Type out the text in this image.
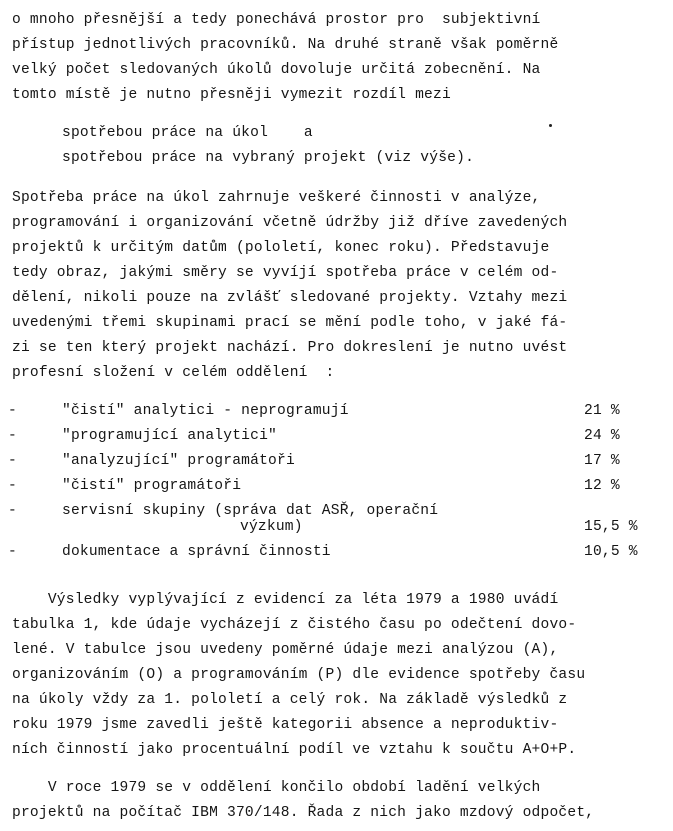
o mnoho přesnější a tedy ponechává prostor pro  subjektivní
přístup jednotlivých pracovníků. Na druhé straně však poměrně
velký počet sledovaných úkolů dovoluje určitá zobecnění. Na
tomto místě je nutno přesněji vymezit rozdíl mezi
spotřebou práce na úkol    a
spotřebou práce na vybraný projekt (viz výše).
Spotřeba práce na úkol zahrnuje veškeré činnosti v analýze,
programování i organizování včetně údržby již dříve zavedených
projektů k určitým datům (pololetí, konec roku). Představuje
tedy obraz, jakými směry se vyvíjí spotřeba práce v celém od-
dělení, nikoli pouze na zvlášť sledované projekty. Vztahy mezi
uvedenými třemi skupinami prací se mění podle toho, v jaké fá-
zi se ten který projekt nachází. Pro dokreslení je nutno uvést
profesní složení v celém oddělení  :
-	"čistí" analytici - neprogramují	21 %
-	"programující analytici"	24 %
-	"analyzující" programátoři	17 %
-	"čistí" programátoři	12 %
-	servisní skupiny (správa dat ASŘ, operační
výzkum)	15,5 %
-	dokumentace a správní činnosti	10,5 %
Výsledky vyplývající z evidencí za léta 1979 a 1980 uvádí
tabulka 1, kde údaje vycházejí z čistého času po odečtení dovo-
lené. V tabulce jsou uvedeny poměrné údaje mezi analýzou (A),
organizováním (O) a programováním (P) dle evidence spotřeby času
na úkoly vždy za 1. pololetí a celý rok. Na základě výsledků z
roku 1979 jsme zavedli ještě kategorii absence a neproduktiv-
ních činností jako procentuální podíl ve vztahu k součtu A+O+P.
V roce 1979 se v oddělení končilo období ladění velkých
projektů na počítač IBM 370/148. Řada z nich jako mzdový odpočet,
